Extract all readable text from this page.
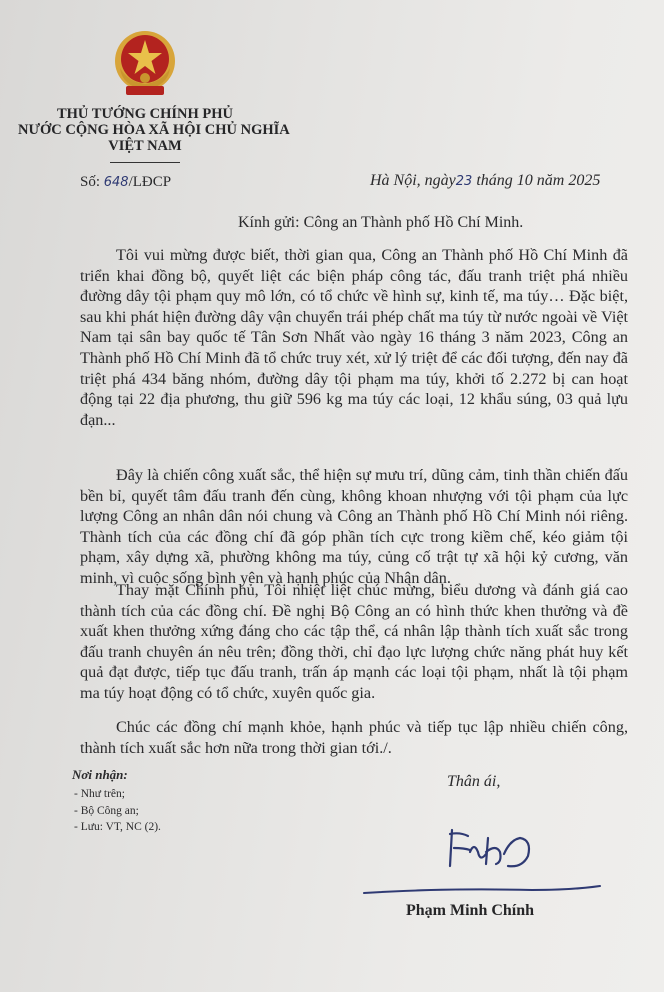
THỦ TƯỚNG CHÍNH PHỦ
NƯỚC CỘNG HÒA XÃ HỘI CHỦ NGHĨA
VIỆT NAM
Số: 648/LĐCP	Hà Nội, ngày23 tháng 10 năm 2025
Kính gửi: Công an Thành phố Hồ Chí Minh.

Tôi vui mừng được biết, thời gian qua, Công an Thành phố Hồ Chí Minh đã triển khai đồng bộ, quyết liệt các biện pháp công tác, đấu tranh triệt phá nhiều đường dây tội phạm quy mô lớn, có tổ chức về hình sự, kinh tế, ma túy… Đặc biệt, sau khi phát hiện đường dây vận chuyển trái phép chất ma túy từ nước ngoài về Việt Nam tại sân bay quốc tế Tân Sơn Nhất vào ngày 16 tháng 3 năm 2023, Công an Thành phố Hồ Chí Minh đã tổ chức truy xét, xử lý triệt để các đối tượng, đến nay đã triệt phá 434 băng nhóm, đường dây tội phạm ma túy, khởi tố 2.272 bị can hoạt động tại 22 địa phương, thu giữ 596 kg ma túy các loại, 12 khẩu súng, 03 quả lựu đạn...

Đây là chiến công xuất sắc, thể hiện sự mưu trí, dũng cảm, tinh thần chiến đấu bền bỉ, quyết tâm đấu tranh đến cùng, không khoan nhượng với tội phạm của lực lượng Công an nhân dân nói chung và Công an Thành phố Hồ Chí Minh nói riêng. Thành tích của các đồng chí đã góp phần tích cực trong kiềm chế, kéo giảm tội phạm, xây dựng xã, phường không ma túy, củng cố trật tự xã hội kỷ cương, văn minh, vì cuộc sống bình yên và hạnh phúc của Nhân dân.

Thay mặt Chính phủ, Tôi nhiệt liệt chúc mừng, biểu dương và đánh giá cao thành tích của các đồng chí. Đề nghị Bộ Công an có hình thức khen thưởng và đề xuất khen thưởng xứng đáng cho các tập thể, cá nhân lập thành tích xuất sắc trong đấu tranh chuyên án nêu trên; đồng thời, chỉ đạo lực lượng chức năng phát huy kết quả đạt được, tiếp tục đấu tranh, trấn áp mạnh các loại tội phạm, nhất là tội phạm ma túy hoạt động có tổ chức, xuyên quốc gia.

Chúc các đồng chí mạnh khỏe, hạnh phúc và tiếp tục lập nhiều chiến công, thành tích xuất sắc hơn nữa trong thời gian tới./.

Nơi nhận:
- Như trên;
- Bộ Công an;
- Lưu: VT, NC (2).
Thân ái,
Phạm Minh Chính
